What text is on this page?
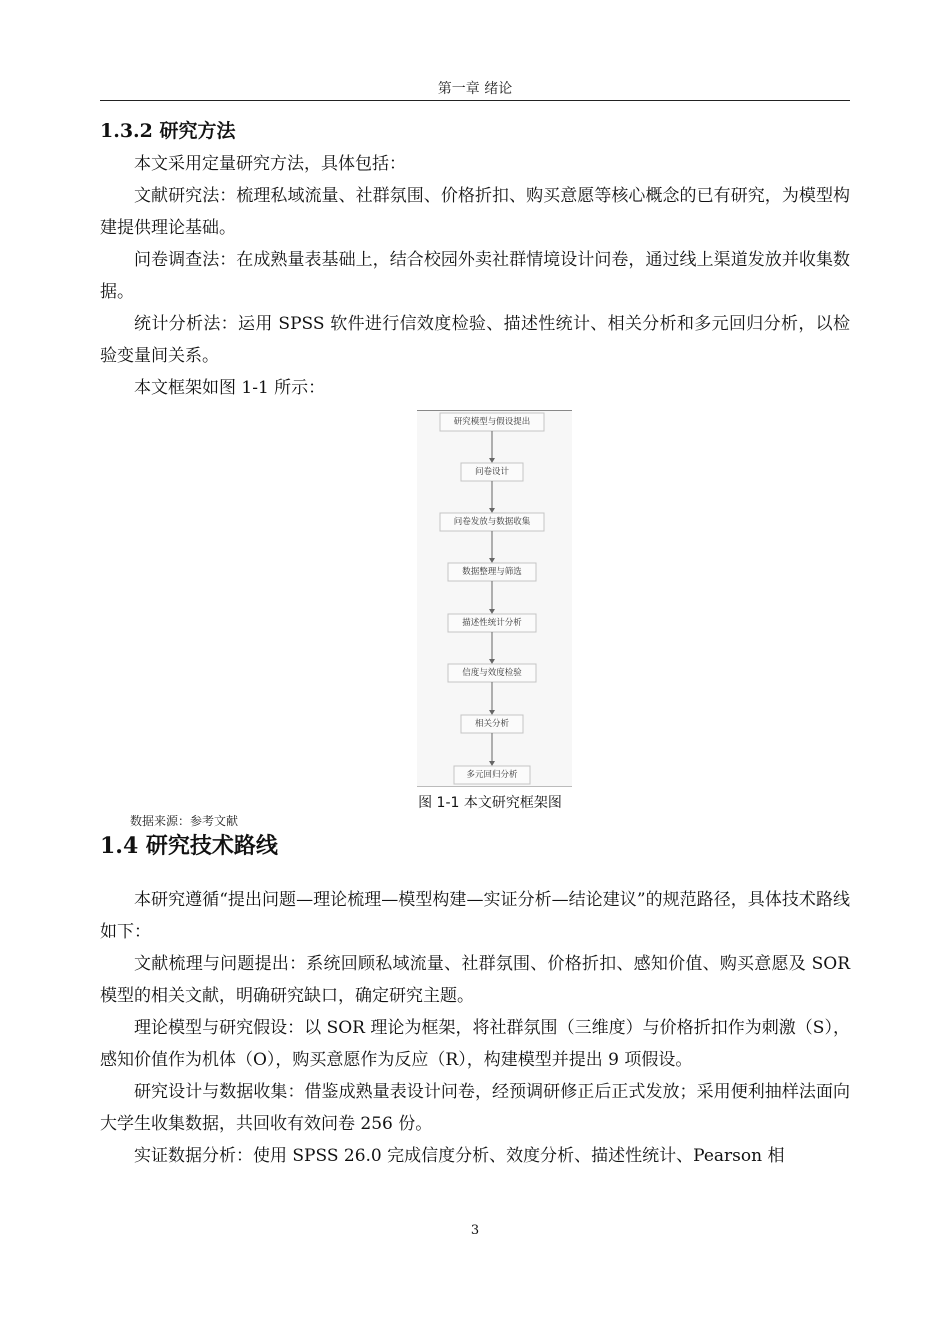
第一章 绪论
1.3.2 研究方法

本文采用定量研究方法，具体包括：

文献研究法：梳理私域流量、社群氛围、价格折扣、购买意愿等核心概念的已有研究，为模型构建提供理论基础。

问卷调查法：在成熟量表基础上，结合校园外卖社群情境设计问卷，通过线上渠道发放并收集数据。

统计分析法：运用 SPSS 软件进行信效度检验、描述性统计、相关分析和多元回归分析，以检验变量间关系。

本文框架如图 1-1 所示：

研究模型与假设提出
问卷设计
问卷发放与数据收集
数据整理与筛选
描述性统计分析
信度与效度检验
相关分析
多元回归分析
图 1-1 本文研究框架图
数据来源：参考文献
1.4 研究技术路线

本研究遵循“提出问题—理论梳理—模型构建—实证分析—结论建议”的规范路径，具体技术路线如下：

文献梳理与问题提出：系统回顾私域流量、社群氛围、价格折扣、感知价值、购买意愿及 SOR 模型的相关文献，明确研究缺口，确定研究主题。

理论模型与研究假设：以 SOR 理论为框架，将社群氛围（三维度）与价格折扣作为刺激（S），感知价值作为机体（O），购买意愿作为反应（R），构建模型并提出 9 项假设。

研究设计与数据收集：借鉴成熟量表设计问卷，经预调研修正后正式发放；采用便利抽样法面向大学生收集数据，共回收有效问卷 256 份。

实证数据分析：使用 SPSS 26.0 完成信度分析、效度分析、描述性统计、Pearson 相

3
